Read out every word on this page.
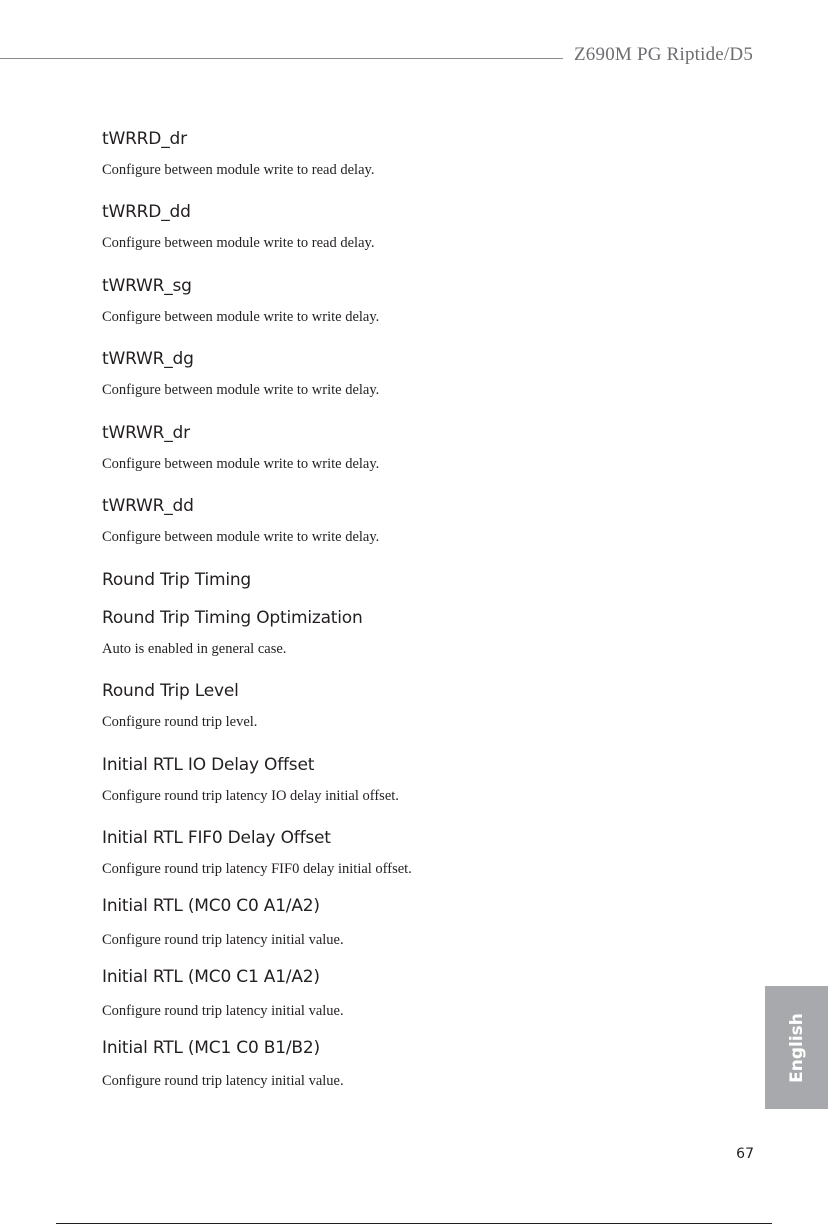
Z690M PG Riptide/D5
tWRRD_dr
Configure between module write to read delay.
tWRRD_dd
Configure between module write to read delay.
tWRWR_sg
Configure between module write to write delay.
tWRWR_dg
Configure between module write to write delay.
tWRWR_dr
Configure between module write to write delay.
tWRWR_dd
Configure between module write to write delay.
Round Trip Timing
Round Trip Timing Optimization
Auto is enabled in general case.
Round Trip Level
Configure round trip level.
Initial RTL IO Delay Offset
Configure round trip latency IO delay initial offset.
Initial RTL FIF0 Delay Offset
Configure round trip latency FIF0 delay initial offset.
Initial RTL (MC0 C0 A1/A2)
Configure round trip latency initial value.
Initial RTL (MC0 C1 A1/A2)
Configure round trip latency initial value.
Initial RTL (MC1 C0 B1/B2)
Configure round trip latency initial value.	English
67
